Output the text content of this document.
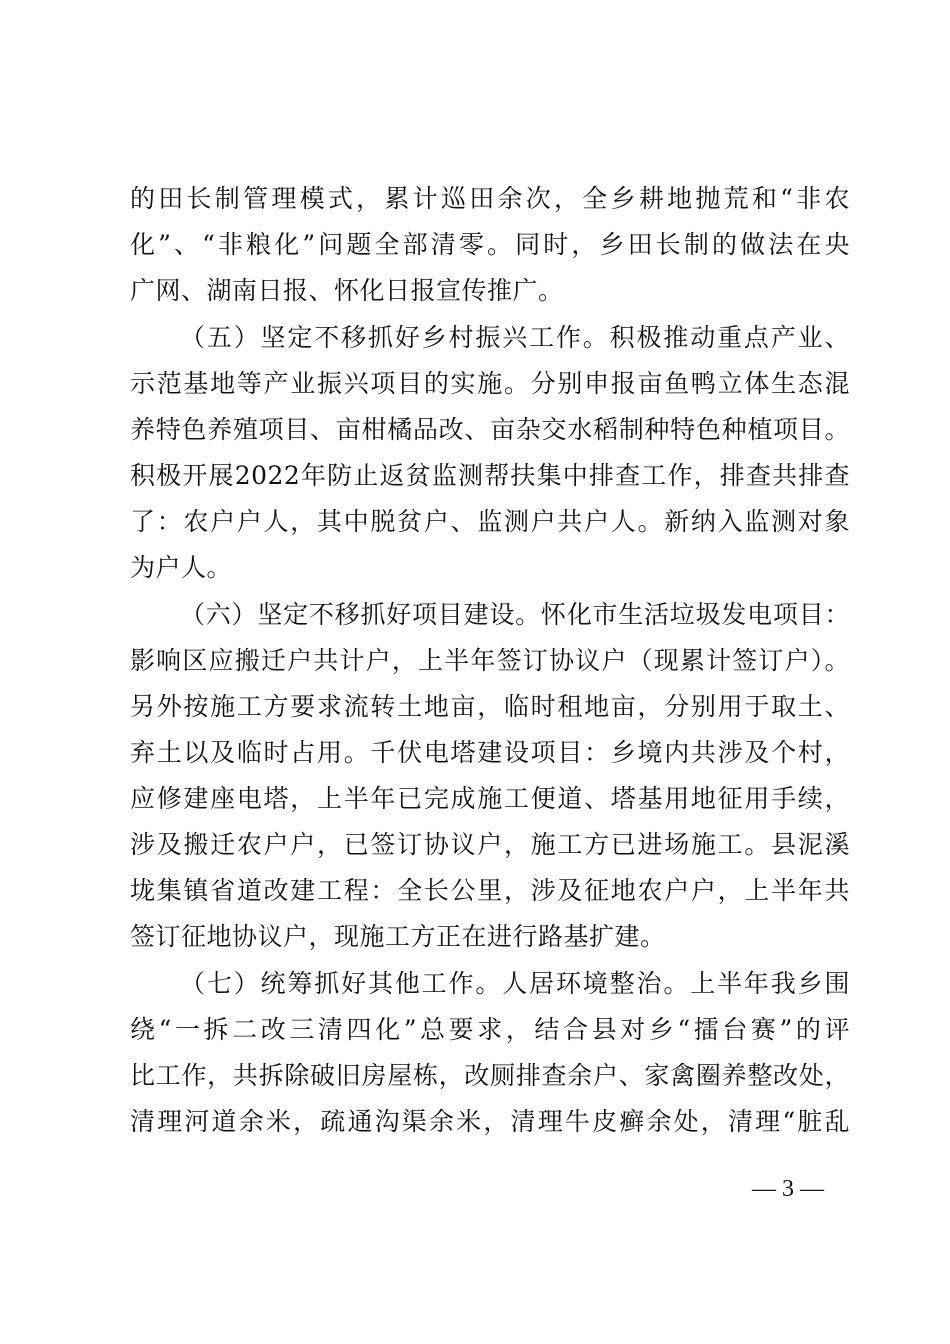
的田长制管理模式，累计巡田余次，全乡耕地抛荒和“非农
化”、“非粮化”问题全部清零。同时，乡田长制的做法在央
广网、湖南日报、怀化日报宣传推广。
（五）坚定不移抓好乡村振兴工作。积极推动重点产业、
示范基地等产业振兴项目的实施。分别申报亩鱼鸭立体生态混
养特色养殖项目、亩柑橘品改、亩杂交水稻制种特色种植项目。
积极开展2022年防止返贫监测帮扶集中排查工作，排查共排查
了：农户户人，其中脱贫户、监测户共户人。新纳入监测对象
为户人。
（六）坚定不移抓好项目建设。怀化市生活垃圾发电项目：
影响区应搬迁户共计户，上半年签订协议户（现累计签订户）。
另外按施工方要求流转土地亩，临时租地亩，分别用于取土、
弃土以及临时占用。千伏电塔建设项目：乡境内共涉及个村，
应修建座电塔，上半年已完成施工便道、塔基用地征用手续，
涉及搬迁农户户，已签订协议户，施工方已进场施工。县泥溪
垅集镇省道改建工程：全长公里，涉及征地农户户，上半年共
签订征地协议户，现施工方正在进行路基扩建。
（七）统筹抓好其他工作。人居环境整治。上半年我乡围
绕“一拆二改三清四化”总要求，结合县对乡“擂台赛”的评
比工作，共拆除破旧房屋栋，改厕排查余户、家禽圈养整改处，
清理河道余米，疏通沟渠余米，清理牛皮癣余处，清理“脏乱
— 3 —
